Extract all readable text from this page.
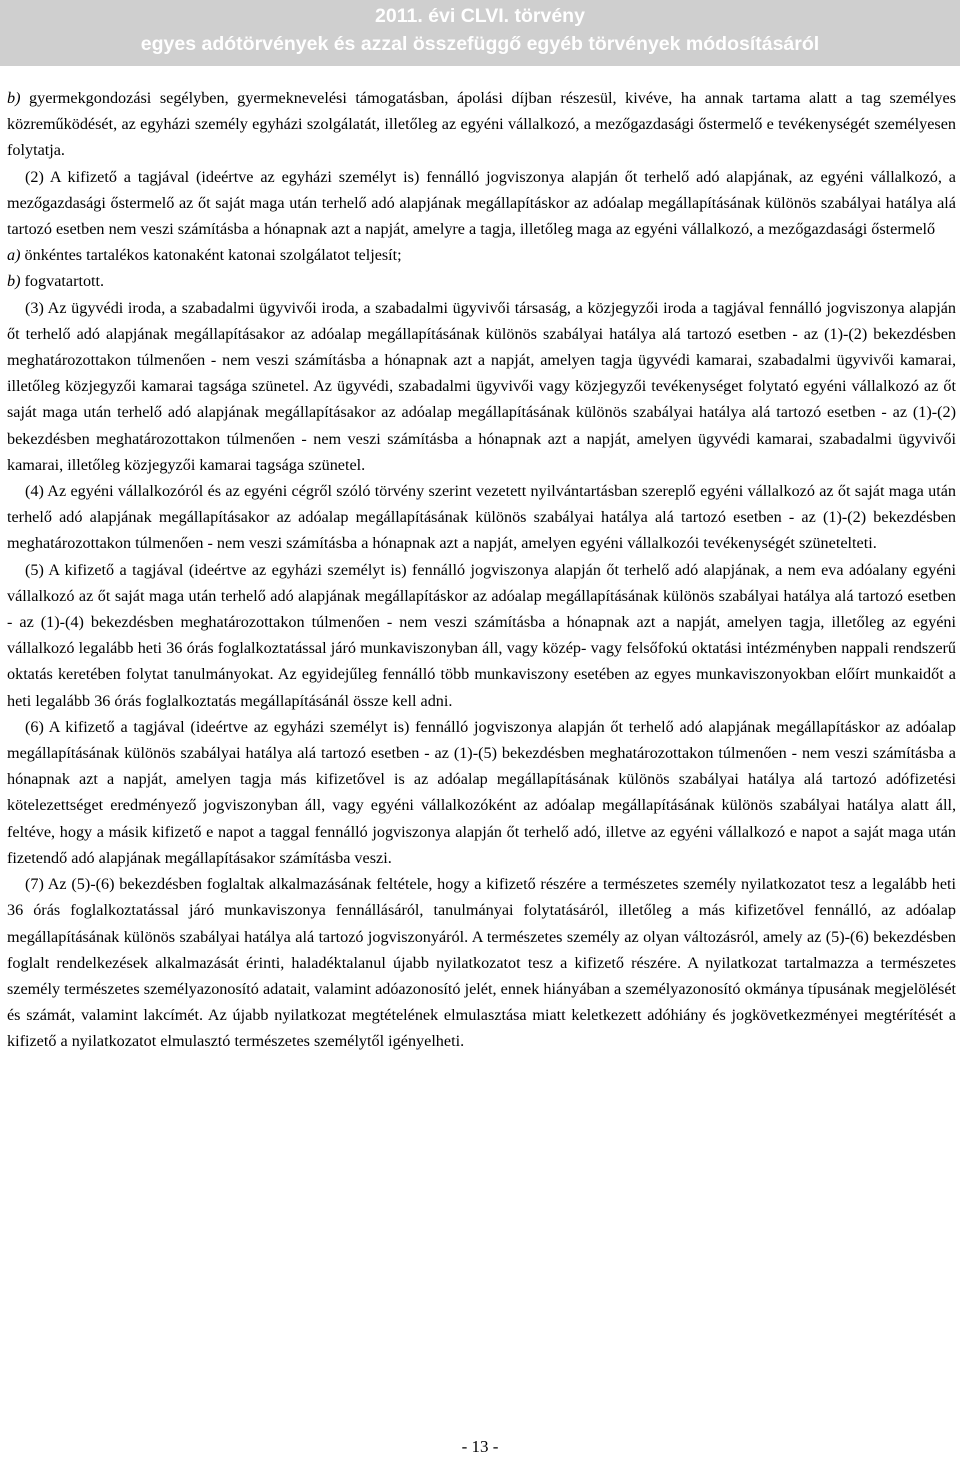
2011. évi CLVI. törvény
egyes adótörvények és azzal összefüggő egyéb törvények módosításáról

b) gyermekgondozási segélyben, gyermeknevelési támogatásban, ápolási díjban részesül, kivéve, ha annak tartama alatt a tag személyes közreműködését, az egyházi személy egyházi szolgálatát, illetőleg az egyéni vállalkozó, a mezőgazdasági őstermelő e tevékenységét személyesen folytatja.

(2) A kifizető a tagjával (ideértve az egyházi személyt is) fennálló jogviszonya alapján őt terhelő adó alapjának, az egyéni vállalkozó, a mezőgazdasági őstermelő az őt saját maga után terhelő adó alapjának megállapításkor az adóalap megállapításának különös szabályai hatálya alá tartozó esetben nem veszi számításba a hónapnak azt a napját, amelyre a tagja, illetőleg maga az egyéni vállalkozó, a mezőgazdasági őstermelő

a) önkéntes tartalékos katonaként katonai szolgálatot teljesít;

b) fogvatartott.

(3) Az ügyvédi iroda, a szabadalmi ügyvivői iroda, a szabadalmi ügyvivői társaság, a közjegyzői iroda a tagjával fennálló jogviszonya alapján őt terhelő adó alapjának megállapításakor az adóalap megállapításának különös szabályai hatálya alá tartozó esetben - az (1)-(2) bekezdésben meghatározottakon túlmenően - nem veszi számításba a hónapnak azt a napját, amelyen tagja ügyvédi kamarai, szabadalmi ügyvivői kamarai, illetőleg közjegyzői kamarai tagsága szünetel. Az ügyvédi, szabadalmi ügyvivői vagy közjegyzői tevékenységet folytató egyéni vállalkozó az őt saját maga után terhelő adó alapjának megállapításakor az adóalap megállapításának különös szabályai hatálya alá tartozó esetben - az (1)-(2) bekezdésben meghatározottakon túlmenően - nem veszi számításba a hónapnak azt a napját, amelyen ügyvédi kamarai, szabadalmi ügyvivői kamarai, illetőleg közjegyzői kamarai tagsága szünetel.

(4) Az egyéni vállalkozóról és az egyéni cégről szóló törvény szerint vezetett nyilvántartásban szereplő egyéni vállalkozó az őt saját maga után terhelő adó alapjának megállapításakor az adóalap megállapításának különös szabályai hatálya alá tartozó esetben - az (1)-(2) bekezdésben meghatározottakon túlmenően - nem veszi számításba a hónapnak azt a napját, amelyen egyéni vállalkozói tevékenységét szünetelteti.

(5) A kifizető a tagjával (ideértve az egyházi személyt is) fennálló jogviszonya alapján őt terhelő adó alapjának, a nem eva adóalany egyéni vállalkozó az őt saját maga után terhelő adó alapjának megállapításkor az adóalap megállapításának különös szabályai hatálya alá tartozó esetben - az (1)-(4) bekezdésben meghatározottakon túlmenően - nem veszi számításba a hónapnak azt a napját, amelyen tagja, illetőleg az egyéni vállalkozó legalább heti 36 órás foglalkoztatással járó munkaviszonyban áll, vagy közép- vagy felsőfokú oktatási intézményben nappali rendszerű oktatás keretében folytat tanulmányokat. Az egyidejűleg fennálló több munkaviszony esetében az egyes munkaviszonyokban előírt munkaidőt a heti legalább 36 órás foglalkoztatás megállapításánál össze kell adni.

(6) A kifizető a tagjával (ideértve az egyházi személyt is) fennálló jogviszonya alapján őt terhelő adó alapjának megállapításkor az adóalap megállapításának különös szabályai hatálya alá tartozó esetben - az (1)-(5) bekezdésben meghatározottakon túlmenően - nem veszi számításba a hónapnak azt a napját, amelyen tagja más kifizetővel is az adóalap megállapításának különös szabályai hatálya alá tartozó adófizetési kötelezettséget eredményező jogviszonyban áll, vagy egyéni vállalkozóként az adóalap megállapításának különös szabályai hatálya alatt áll, feltéve, hogy a másik kifizető e napot a taggal fennálló jogviszonya alapján őt terhelő adó, illetve az egyéni vállalkozó e napot a saját maga után fizetendő adó alapjának megállapításakor számításba veszi.

(7) Az (5)-(6) bekezdésben foglaltak alkalmazásának feltétele, hogy a kifizető részére a természetes személy nyilatkozatot tesz a legalább heti 36 órás foglalkoztatással járó munkaviszonya fennállásáról, tanulmányai folytatásáról, illetőleg a más kifizetővel fennálló, az adóalap megállapításának különös szabályai hatálya alá tartozó jogviszonyáról. A természetes személy az olyan változásról, amely az (5)-(6) bekezdésben foglalt rendelkezések alkalmazását érinti, haladéktalanul újabb nyilatkozatot tesz a kifizető részére. A nyilatkozat tartalmazza a természetes személy természetes személyazonosító adatait, valamint adóazonosító jelét, ennek hiányában a személyazonosító okmánya típusának megjelölését és számát, valamint lakcímét. Az újabb nyilatkozat megtételének elmulasztása miatt keletkezett adóhiány és jogkövetkezményei megtérítését a kifizető a nyilatkozatot elmulasztó természetes személytől igényelheti.

- 13 -
